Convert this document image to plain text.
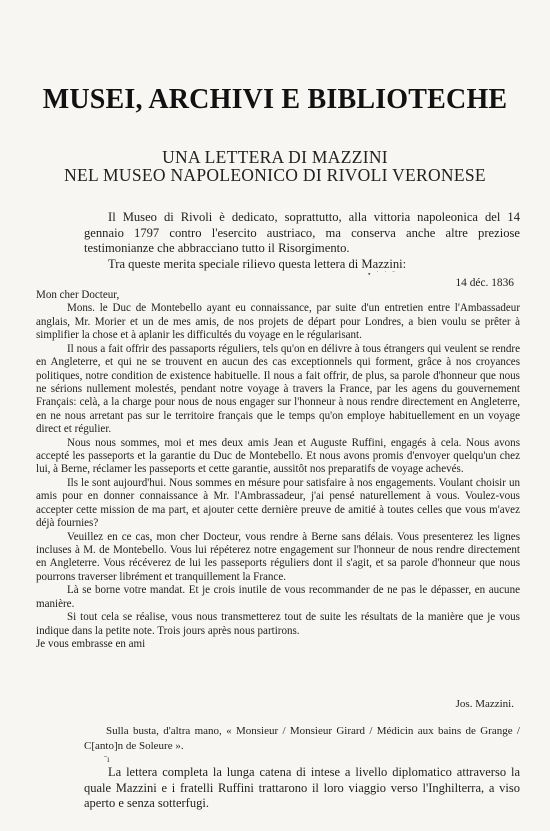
MUSEI, ARCHIVI E BIBLIOTECHE
UNA LETTERA DI MAZZINI
NEL MUSEO NAPOLEONICO DI RIVOLI VERONESE

Il Museo di Rivoli è dedicato, soprattutto, alla vittoria napoleonica del 14 gennaio 1797 contro l'esercito austriaco, ma conserva anche altre preziose testimonianze che abbracciano tutto il Risorgimento.

Tra queste merita speciale rilievo questa lettera di Mazzini:

▪ ˙ ˙ ˉ
14 déc. 1836

Mon cher Docteur,

Mons. le Duc de Montebello ayant eu connaissance, par suite d'un entretien entre l'Ambassadeur anglais, Mr. Morier et un de mes amis, de nos projets de départ pour Londres, a bien voulu se prêter à simplifier la chose et à aplanir les difficultés du voyage en le régularisant.

Il nous a fait offrir des passaports réguliers, tels qu'on en délivre à tous étrangers qui veulent se rendre en Angleterre, et qui ne se trouvent en aucun des cas exceptionnels qui forment, grâce à nos croyances politiques, notre condition de existence habituelle. Il nous a fait offrir, de plus, sa parole d'honneur que nous ne sérions nullement molestés, pendant notre voyage à travers la France, par les agens du gouvernement Français: celà, a la charge pour nous de nous engager sur l'honneur à nous rendre directement en Angleterre, en ne nous arretant pas sur le territoire français que le temps qu'on employe habituellement en un voyage direct et régulier.

Nous nous sommes, moi et mes deux amis Jean et Auguste Ruffini, engagés à cela. Nous avons accepté les passeports et la garantie du Duc de Montebello. Et nous avons promis d'envoyer quelqu'un chez lui, à Berne, réclamer les passeports et cette garantie, aussitôt nos preparatifs de voyage achevés.

Ils le sont aujourd'hui. Nous sommes en mésure pour satisfaire à nos engagements. Voulant choisir un amis pour en donner connaissance à Mr. l'Ambrassadeur, j'ai pensé naturellement à vous. Voulez-vous accepter cette mission de ma part, et ajouter cette dernière preuve de amitié à toutes celles que vous m'avez déjà fournies?

Veuillez en ce cas, mon cher Docteur, vous rendre à Berne sans délais. Vous presenterez les lignes incluses à M. de Montebello. Vous lui répéterez notre engagement sur l'honneur de nous rendre directement en Angleterre. Vous récéverez de lui les passeports réguliers dont il s'agit, et sa parole d'honneur que nous pourrons traverser librément et tranquillement la France.

Là se borne votre mandat. Et je crois inutile de vous recommander de ne pas le dépasser, en aucune manière.

Si tout cela se réalise, vous nous transmetterez tout de suite les résultats de la manière que je vous indique dans la petite note. Trois jours après nous partirons.

Je vous embrasse en ami

Jos. Mazzini.

Sulla busta, d'altra mano, « Monsieur / Monsieur Girard / Médicin aux bains de Grange / C[anto]n de Soleure ».

ˉı

La lettera completa la lunga catena di intese a livello diplomatico attraverso la quale Mazzini e i fratelli Ruffini trattarono il loro viaggio verso l'Inghilterra, a viso aperto e senza sotterfugi.
